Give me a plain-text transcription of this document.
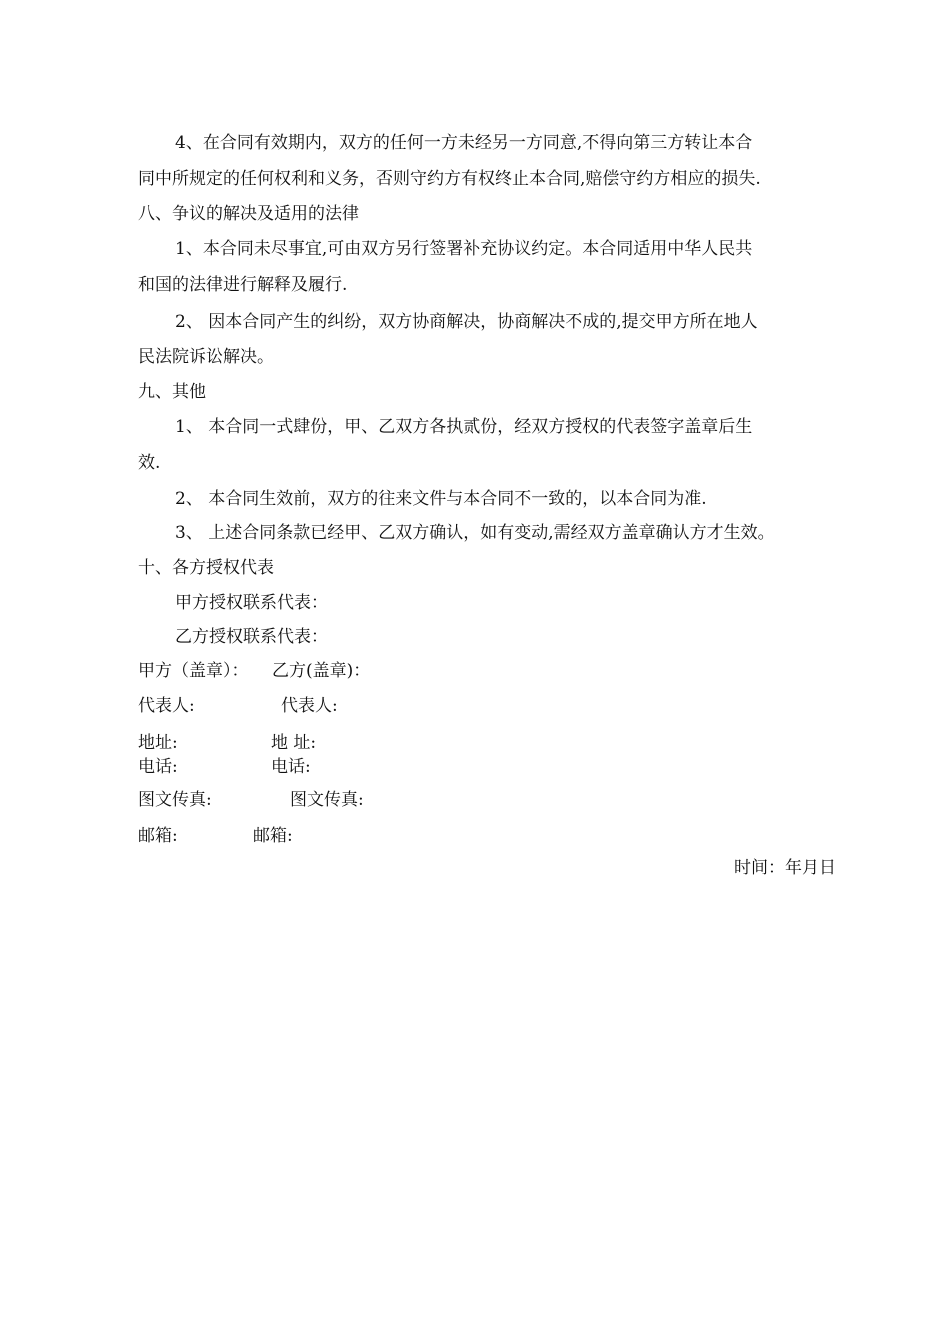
4、在合同有效期内，双方的任何一方未经另一方同意,不得向第三方转让本合
同中所规定的任何权利和义务，否则守约方有权终止本合同,赔偿守约方相应的损失.
八、争议的解决及适用的法律
1、本合同未尽事宜,可由双方另行签署补充协议约定。本合同适用中华人民共
和国的法律进行解释及履行.
2、 因本合同产生的纠纷，双方协商解决，协商解决不成的,提交甲方所在地人
民法院诉讼解决。
九、其他
1、 本合同一式肆份，甲、乙双方各执贰份，经双方授权的代表签字盖章后生
效.
2、 本合同生效前，双方的往来文件与本合同不一致的，以本合同为准.
3、 上述合同条款已经甲、乙双方确认，如有变动,需经双方盖章确认方才生效。
十、各方授权代表
甲方授权联系代表：
乙方授权联系代表：
甲方（盖章）： 乙方(盖章)：
代表人:	代表人:
地址:	地 址:
电话:	电话:
图文传真:	图文传真:
邮箱:	邮箱:
时间：年月日
